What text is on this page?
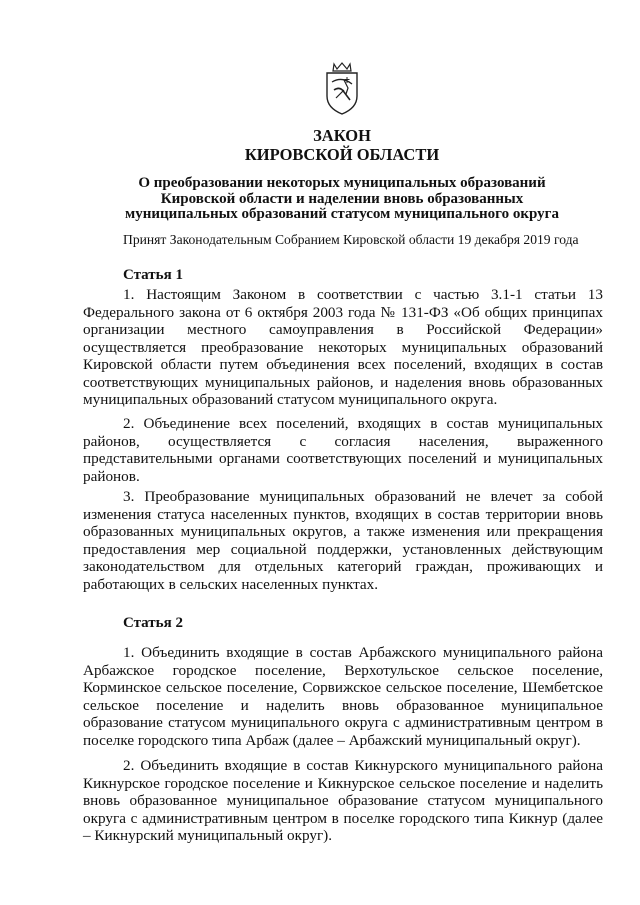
ЗАКОН
КИРОВСКОЙ ОБЛАСТИ
О преобразовании некоторых муниципальных образований
Кировской области и наделении вновь образованных
муниципальных образований статусом муниципального округа
Принят Законодательным Собранием Кировской области 19 декабря 2019 года
Статья 1

1. Настоящим Законом в соответствии с частью 3.1-1 статьи 13 Федерального закона от 6 октября 2003 года № 131-ФЗ «Об общих принципах организации местного самоуправления в Российской Федерации» осуществляется преобразование некоторых муниципальных образований Кировской области путем объединения всех поселений, входящих в состав соответствующих муниципальных районов, и наделения вновь образованных муниципальных образований статусом муниципального округа.

2. Объединение всех поселений, входящих в состав муниципальных районов, осуществляется с согласия населения, выраженного представительными органами соответствующих поселений и муниципальных районов.

3. Преобразование муниципальных образований не влечет за собой изменения статуса населенных пунктов, входящих в состав территории вновь образованных муниципальных округов, а также изменения или прекращения предоставления мер социальной поддержки, установленных действующим законодательством для отдельных категорий граждан, проживающих и работающих в сельских населенных пунктах.

Статья 2

1. Объединить входящие в состав Арбажского муниципального района Арбажское городское поселение, Верхотульское сельское поселение, Корминское сельское поселение, Сорвижское сельское поселение, Шембетское сельское поселение и наделить вновь образованное муниципальное образование статусом муниципального округа с административным центром в поселке городского типа Арбаж (далее – Арбажский муниципальный округ).

2. Объединить входящие в состав Кикнурского муниципального района Кикнурское городское поселение и Кикнурское сельское поселение и наделить вновь образованное муниципальное образование статусом муниципального округа с административным центром в поселке городского типа Кикнур (далее – Кикнурский муниципальный округ).
